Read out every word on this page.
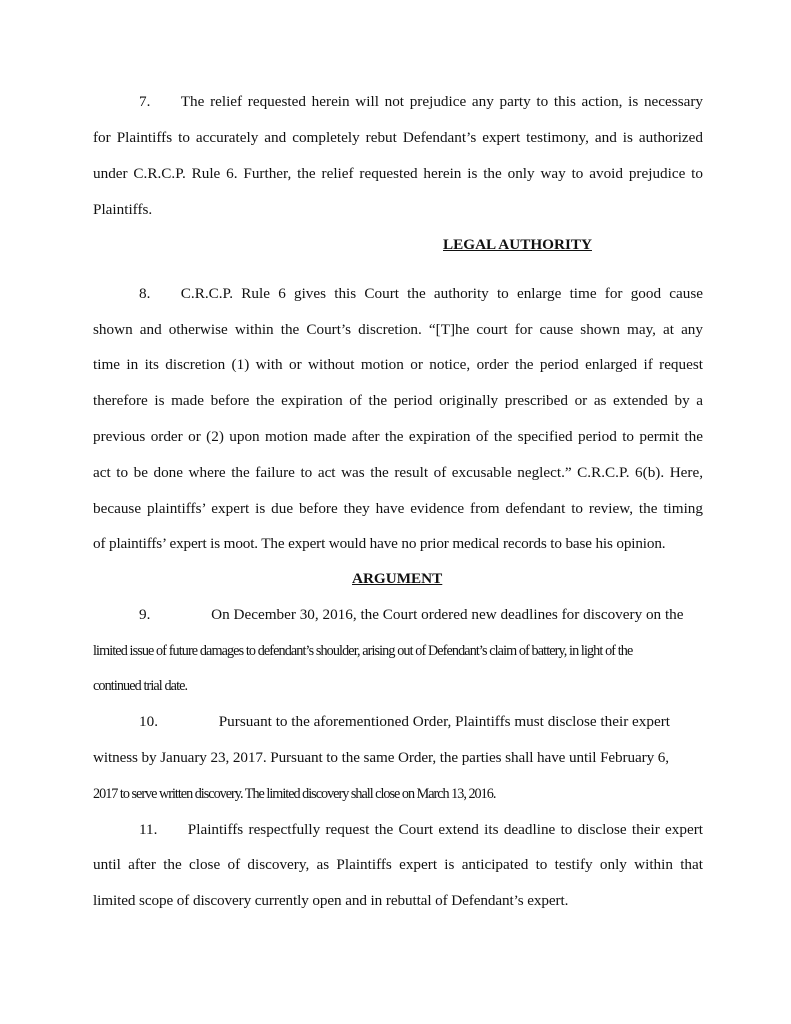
7.  The relief requested herein will not prejudice any party to this action, is necessary
for Plaintiffs to accurately and completely rebut Defendant’s expert testimony, and is authorized
under C.R.C.P. Rule 6. Further, the relief requested herein is the only way to avoid prejudice to
Plaintiffs.
LEGAL AUTHORITY
8.  C.R.C.P. Rule 6 gives this Court the authority to enlarge time for good cause
shown and otherwise within the Court’s discretion. “[T]he court for cause shown may, at any
time in its discretion (1) with or without motion or notice, order the period enlarged if request
therefore is made before the expiration of the period originally prescribed or as extended by a
previous order or (2) upon motion made after the expiration of the specified period to permit the
act to be done where the failure to act was the result of excusable neglect.” C.R.C.P. 6(b). Here,
because plaintiffs’ expert is due before they have evidence from defendant to review, the timing
of plaintiffs’ expert is moot. The expert would have no prior medical records to base his opinion.
ARGUMENT
9.    On December 30, 2016, the Court ordered new deadlines for discovery on the
limited issue of future damages to defendant’s shoulder, arising out of Defendant’s claim of battery, in light of the
continued trial date.
10.    Pursuant to the aforementioned Order, Plaintiffs must disclose their expert
witness by January 23, 2017. Pursuant to the same Order, the parties shall have until February 6,
2017 to serve written discovery. The limited discovery shall close on March 13, 2016.
11.  Plaintiffs respectfully request the Court extend its deadline to disclose their expert
until after the close of discovery, as Plaintiffs expert is anticipated to testify only within that
limited scope of discovery currently open and in rebuttal of Defendant’s expert.
